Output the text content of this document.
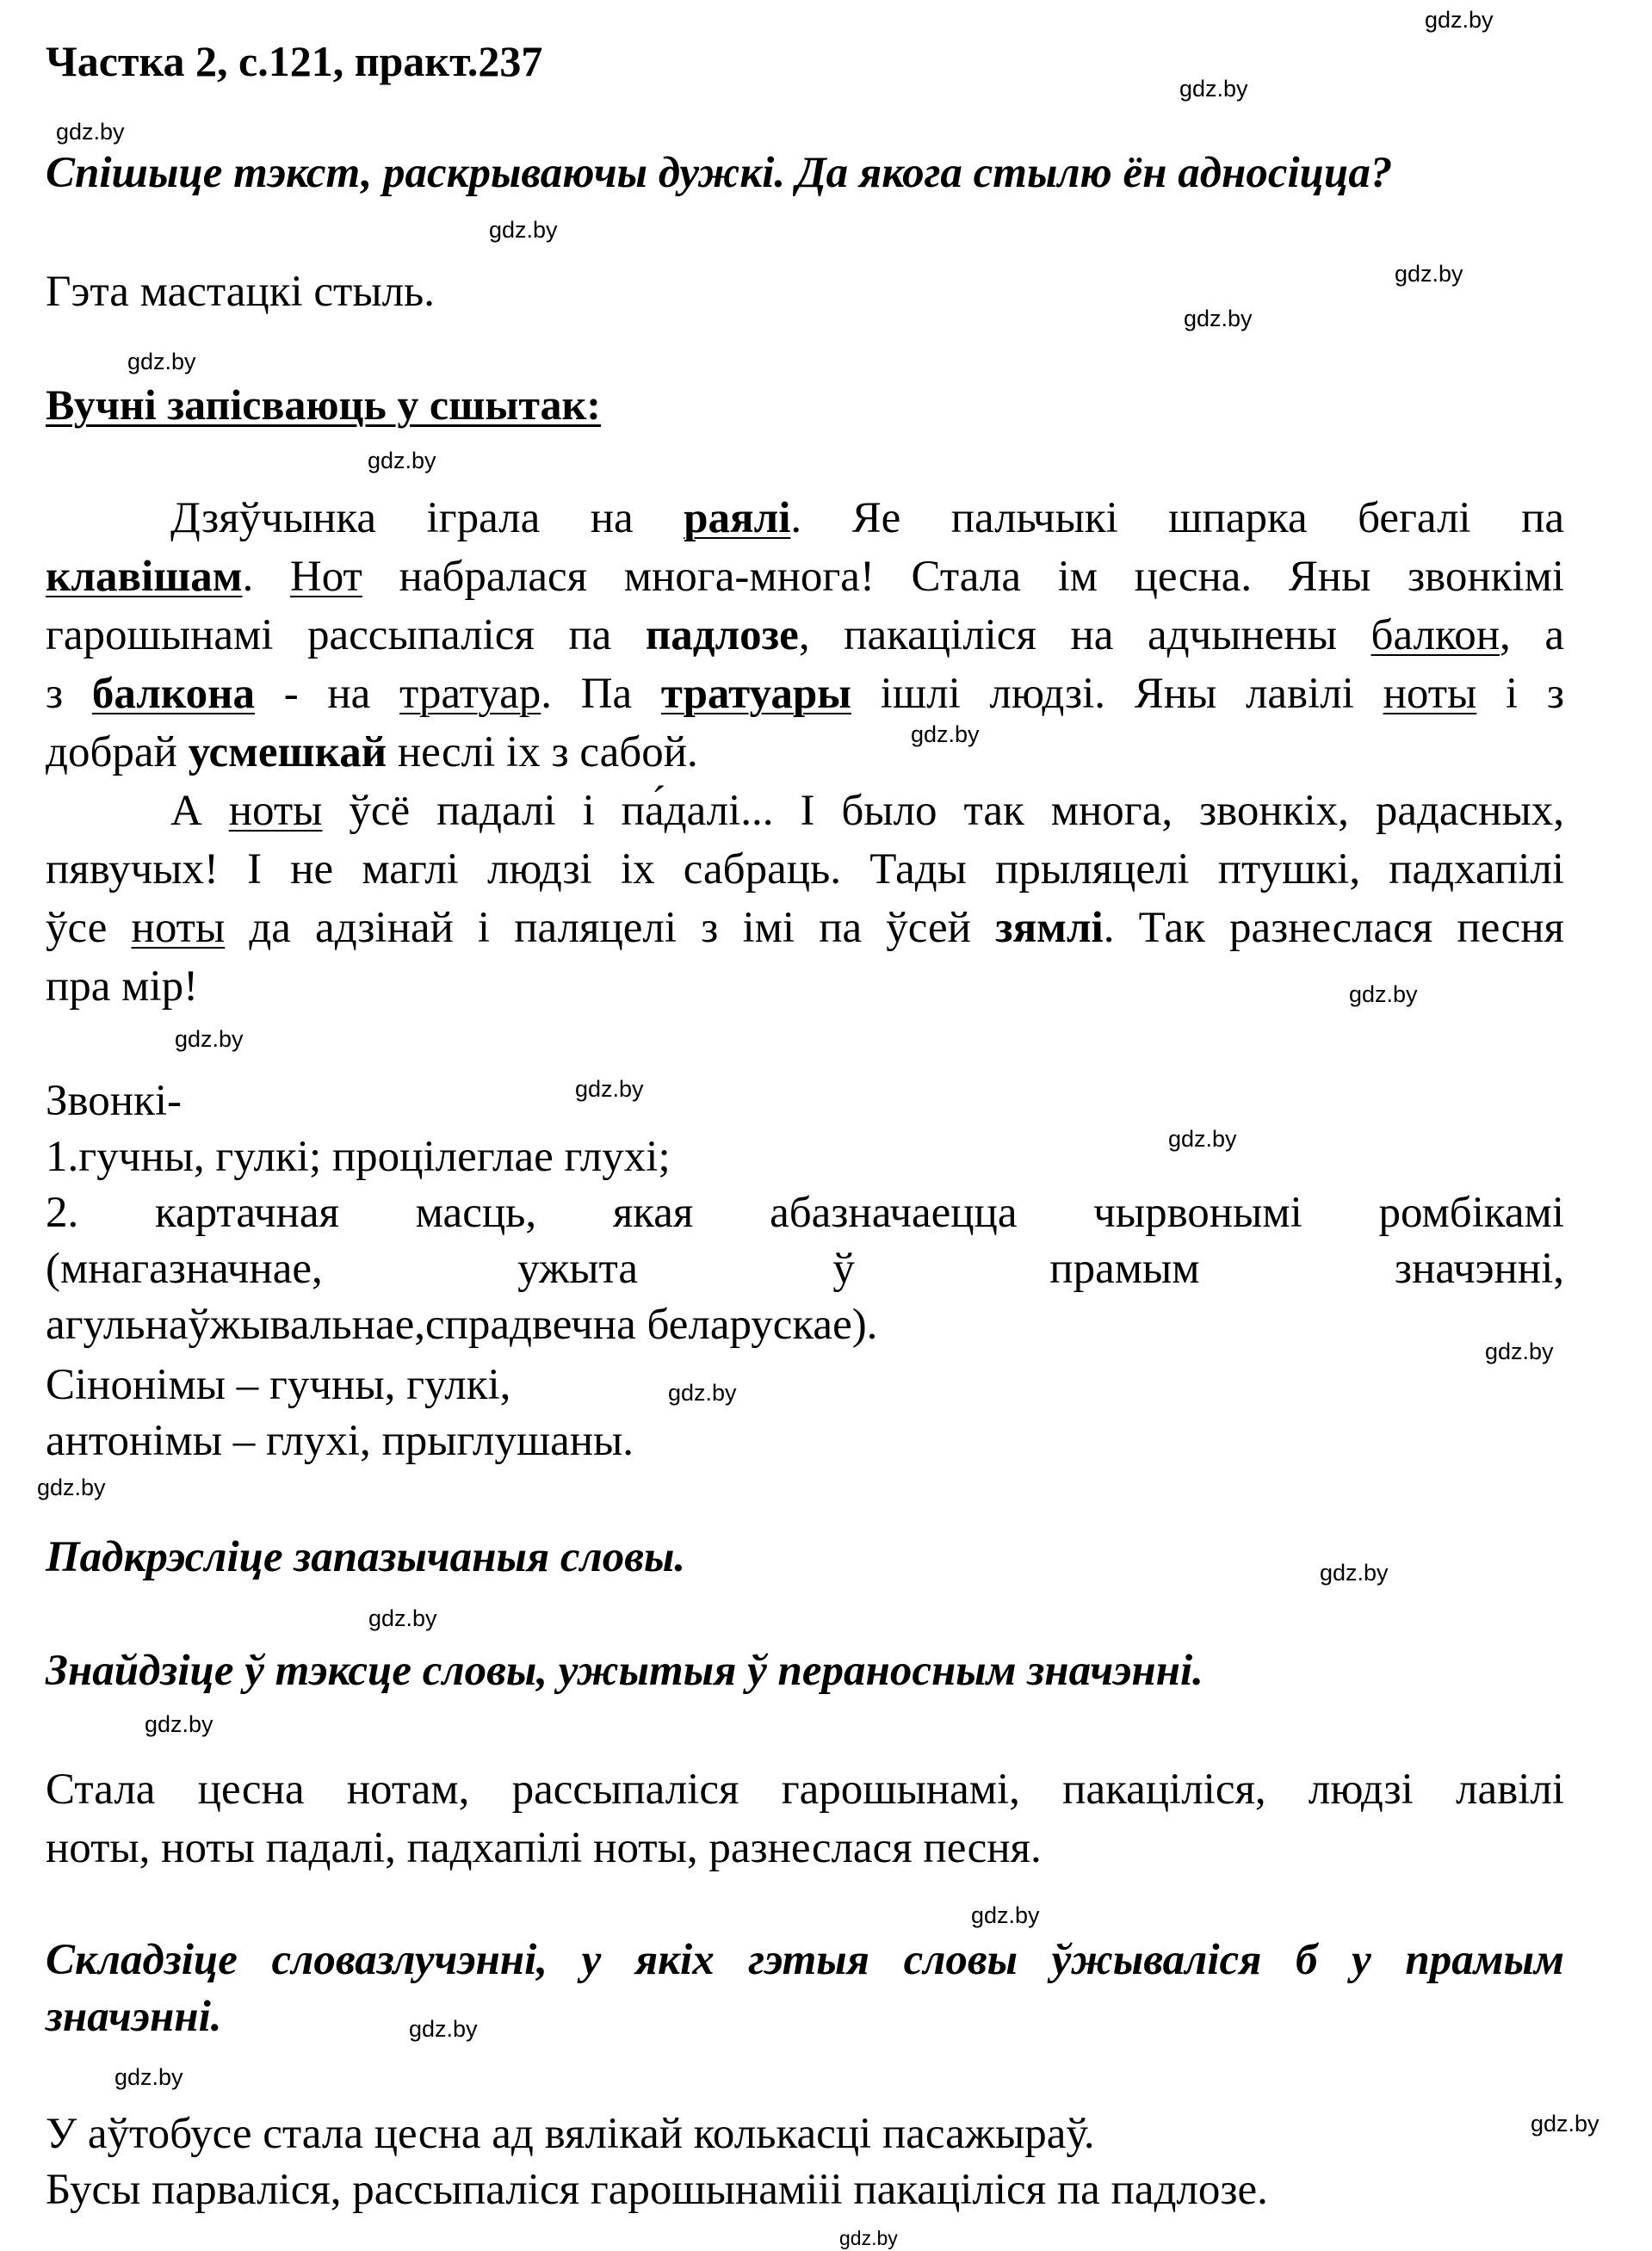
Частка 2, с.121, практ.237
Спішыце тэкст, раскрываючы дужкі. Да якога стылю ён адносіцца?
Гэта мастацкі стыль.
Вучні запісваюць у сшытак:
Дзяўчынка іграла на раялі. Яе пальчыкі шпарка бегалі па
клавішам. Нот набралася многа-многа! Стала ім цесна. Яны звонкімі
гарошынамі рассыпаліся па падлозе, пакаціліся на адчынены балкон, а
з балкона - на тратуар. Па тратуары ішлі людзі. Яны лавілі ноты і з
добрай усмешкай неслі іх з сабой.
А ноты ўсё падалі і па́далі... І было так многа, звонкіх, радасных,
пявучых! І не маглі людзі іх сабраць. Тады прыляцелі птушкі, падхапілі
ўсе ноты да адзінай і паляцелі з імі па ўсей зямлі. Так разнеслася песня
пра мір!
Звонкі-
1.гучны, гулкі; процілеглае глухі;
2. картачная масць, якая абазначаецца чырвонымі ромбікамі
(мнагазначнае, ужыта ў прамым значэнні,
агульнаўжывальнае,спрадвечна беларускае).
Сінонімы – гучны, гулкі,
антонімы – глухі, прыглушаны.
Падкрэсліце запазычаныя словы.
Знайдзіце ў тэксце словы, ужытыя ў пераносным значэнні.
Стала цесна нотам, рассыпаліся гарошынамі, пакаціліся, людзі лавілі
ноты, ноты падалі, падхапілі ноты, разнеслася песня.
Складзіце словазлучэнні, у якіх гэтыя словы ўжываліся б у прамым
значэнні.
У аўтобусе стала цесна ад вялікай колькасці пасажыраў.
Бусы парваліся, рассыпаліся гарошынамііі пакаціліся па падлозе.
gdz.by
gdz.by
gdz.by
gdz.by
gdz.by
gdz.by
gdz.by
gdz.by
gdz.by
gdz.by
gdz.by
gdz.by
gdz.by
gdz.by
gdz.by
gdz.by
gdz.by
gdz.by
gdz.by
gdz.by
gdz.by
gdz.by
gdz.by
gdz.by
